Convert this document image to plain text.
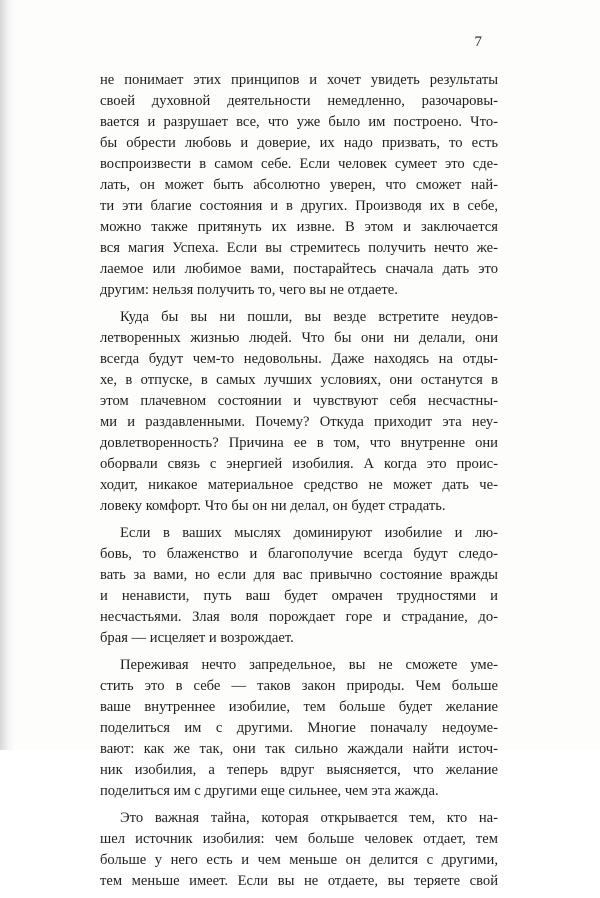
7
не понимает этих принципов и хочет увидеть результаты
своей духовной деятельности немедленно, разочаровы-
вается и разрушает все, что уже было им построено. Что-
бы обрести любовь и доверие, их надо призвать, то есть
воспроизвести в самом себе. Если человек сумеет это сде-
лать, он может быть абсолютно уверен, что сможет най-
ти эти благие состояния и в других. Производя их в себе,
можно также притянуть их извне. В этом и заключается
вся магия Успеха. Если вы стремитесь получить нечто же-
лаемое или любимое вами, постарайтесь сначала дать это
другим: нельзя получить то, чего вы не отдаете.
Куда бы вы ни пошли, вы везде встретите неудов-
летворенных жизнью людей. Что бы они ни делали, они
всегда будут чем-то недовольны. Даже находясь на отды-
хе, в отпуске, в самых лучших условиях, они останутся в
этом плачевном состоянии и чувствуют себя несчастны-
ми и раздавленными. Почему? Откуда приходит эта неу-
довлетворенность? Причина ее в том, что внутренне они
оборвали связь с энергией изобилия. А когда это проис-
ходит, никакое материальное средство не может дать че-
ловеку комфорт. Что бы он ни делал, он будет страдать.
Если в ваших мыслях доминируют изобилие и лю-
бовь, то блаженство и благополучие всегда будут следо-
вать за вами, но если для вас привычно состояние вражды
и ненависти, путь ваш будет омрачен трудностями и
несчастьями. Злая воля порождает горе и страдание, до-
брая — исцеляет и возрождает.
Переживая нечто запредельное, вы не сможете уме-
стить это в себе — таков закон природы. Чем больше
ваше внутреннее изобилие, тем больше будет желание
поделиться им с другими. Многие поначалу недоуме-
вают: как же так, они так сильно жаждали найти источ-
ник изобилия, а теперь вдруг выясняется, что желание
поделиться им с другими еще сильнее, чем эта жажда.
Это важная тайна, которая открывается тем, кто на-
шел источник изобилия: чем больше человек отдает, тем
больше у него есть и чем меньше он делится с другими,
тем меньше имеет. Если вы не отдаете, вы теряете свой
